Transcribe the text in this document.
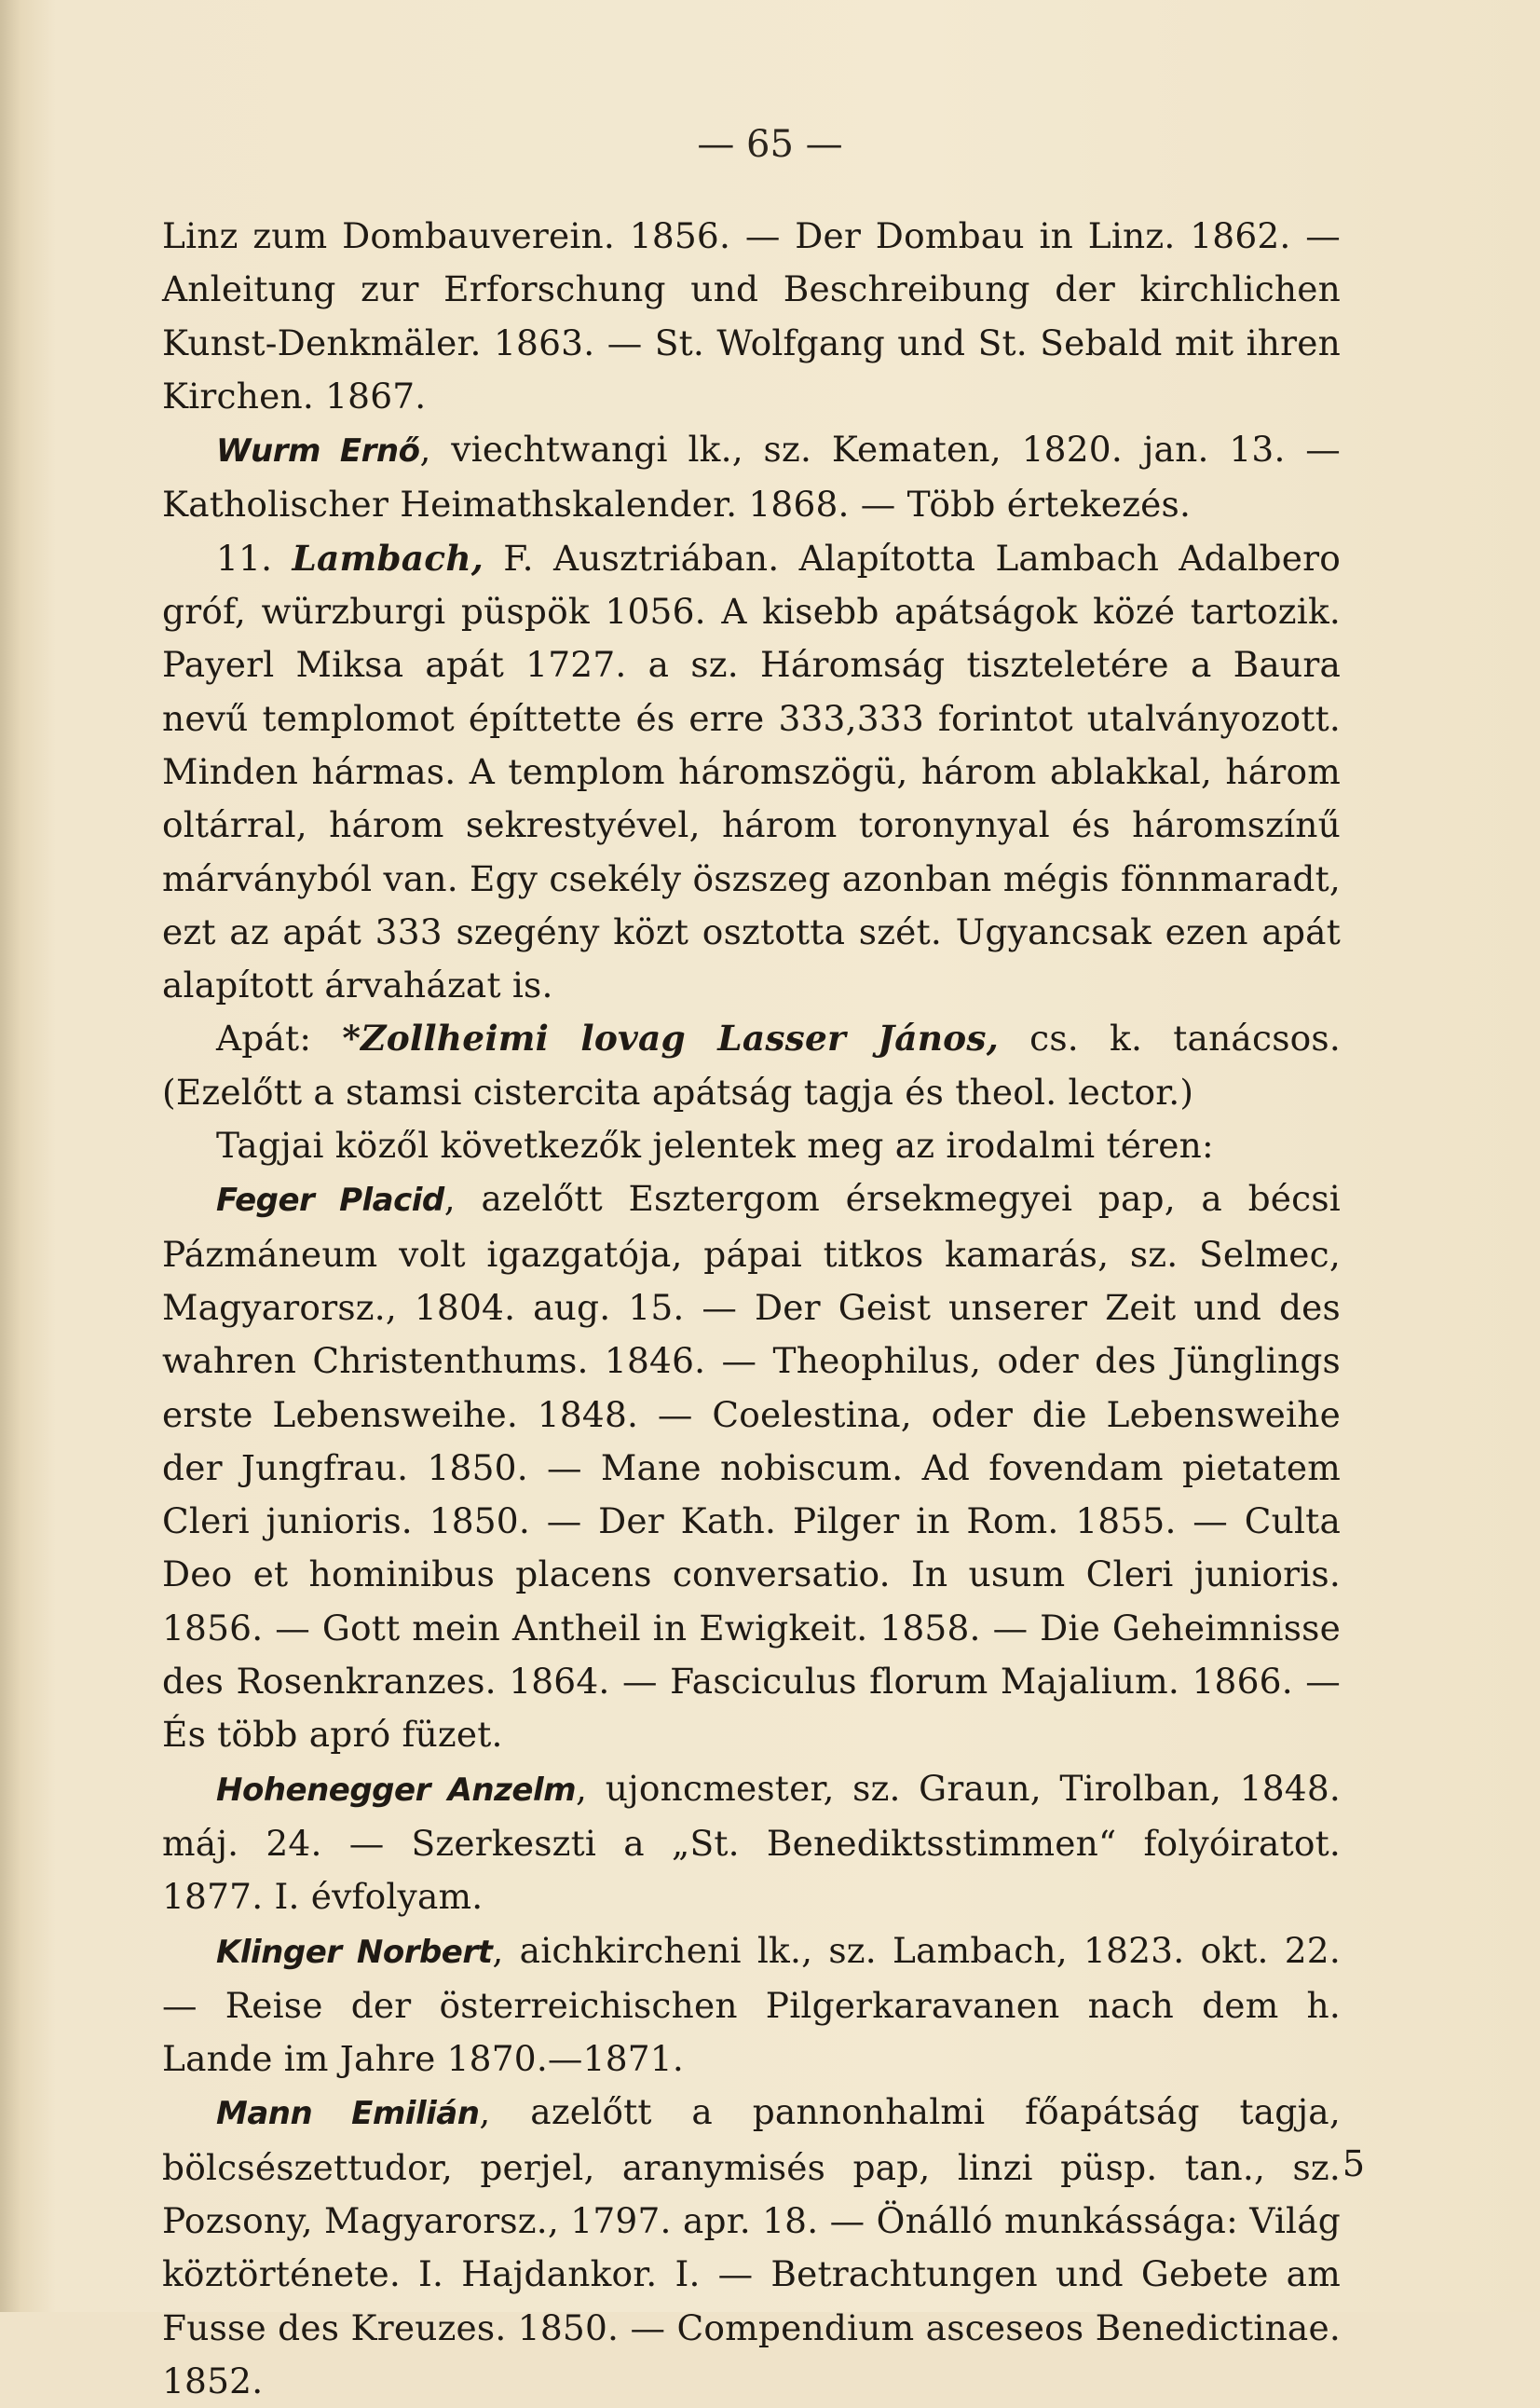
— 65 —

Linz zum Dombauverein. 1856. — Der Dombau in Linz. 1862. — Anleitung zur Erforschung und Beschreibung der kirchlichen Kunst-Denkmäler. 1863. — St. Wolfgang und St. Sebald mit ihren Kirchen. 1867.

Wurm Ernő, viechtwangi lk., sz. Kematen, 1820. jan. 13. — Katholischer Heimathskalender. 1868. — Több értekezés.

11. Lambach, F. Ausztriában. Alapította Lambach Adalbero gróf, würzburgi püspök 1056. A kisebb apátságok közé tartozik. Payerl Miksa apát 1727. a sz. Háromság tiszteletére a Baura nevű templomot építtette és erre 333,333 forintot utalványozott. Minden hármas. A templom háromszögü, három ablakkal, három oltárral, három sekrestyével, három toronynyal és háromszínű márványból van. Egy csekély öszszeg azonban mégis fönnmaradt, ezt az apát 333 szegény közt osztotta szét. Ugyancsak ezen apát alapított árvaházat is.

Apát: *Zollheimi lovag Lasser János, cs. k. tanácsos. (Ezelőtt a stamsi cistercita apátság tagja és theol. lector.)

Tagjai közől következők jelentek meg az irodalmi téren:

Feger Placid, azelőtt Esztergom érsekmegyei pap, a bécsi Pázmáneum volt igazgatója, pápai titkos kamarás, sz. Selmec, Magyarorsz., 1804. aug. 15. — Der Geist unserer Zeit und des wahren Christenthums. 1846. — Theophilus, oder des Jünglings erste Lebensweihe. 1848. — Coelestina, oder die Lebensweihe der Jungfrau. 1850. — Mane nobiscum. Ad fovendam pietatem Cleri junioris. 1850. — Der Kath. Pilger in Rom. 1855. — Culta Deo et hominibus placens conversatio. In usum Cleri junioris. 1856. — Gott mein Antheil in Ewigkeit. 1858. — Die Geheimnisse des Rosenkranzes. 1864. — Fasciculus florum Majalium. 1866. — És több apró füzet.

Hohenegger Anzelm, ujoncmester, sz. Graun, Tirolban, 1848. máj. 24. — Szerkeszti a „St. Benediktsstimmen“ folyóiratot. 1877. I. évfolyam.

Klinger Norbert, aichkircheni lk., sz. Lambach, 1823. okt. 22. — Reise der österreichischen Pilgerkaravanen nach dem h. Lande im Jahre 1870.—1871.

Mann Emilián, azelőtt a pannonhalmi főapátság tagja, bölcsészettudor, perjel, aranymisés pap, linzi püsp. tan., sz. Pozsony, Magyarorsz., 1797. apr. 18. — Önálló munkássága: Világ köztörténete. I. Hajdankor. I. — Betrachtungen und Gebete am Fusse des Kreuzes. 1850. — Compendium asceseos Benedictinae. 1852.

5
